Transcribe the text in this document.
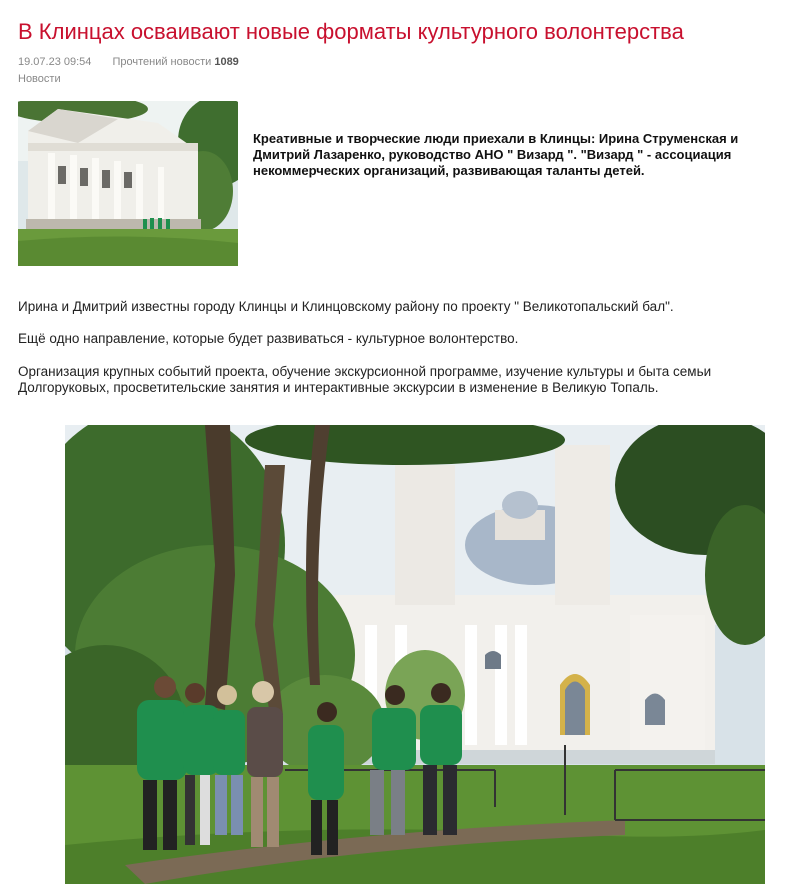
В Клинцах осваивают новые форматы культурного волонтерства
19.07.23 09:54 Прочтений новости 1089
Новости

Креативные и творческие люди приехали в Клинцы: Ирина Струменская и Дмитрий Лазаренко, руководство АНО " Визард ". "Визард " - ассоциация некоммерческих организаций, развивающая таланты детей.

Ирина и Дмитрий известны городу Клинцы и Клинцовскому району по проекту " Великотопальский бал".

Ещё одно направление, которые будет развиваться - культурное волонтерство.

Организация крупных событий проекта, обучение экскурсионной программе, изучение культуры и быта семьи Долгоруковых, просветительские занятия и интерактивные экскурсии в изменение в Великую Топаль.
